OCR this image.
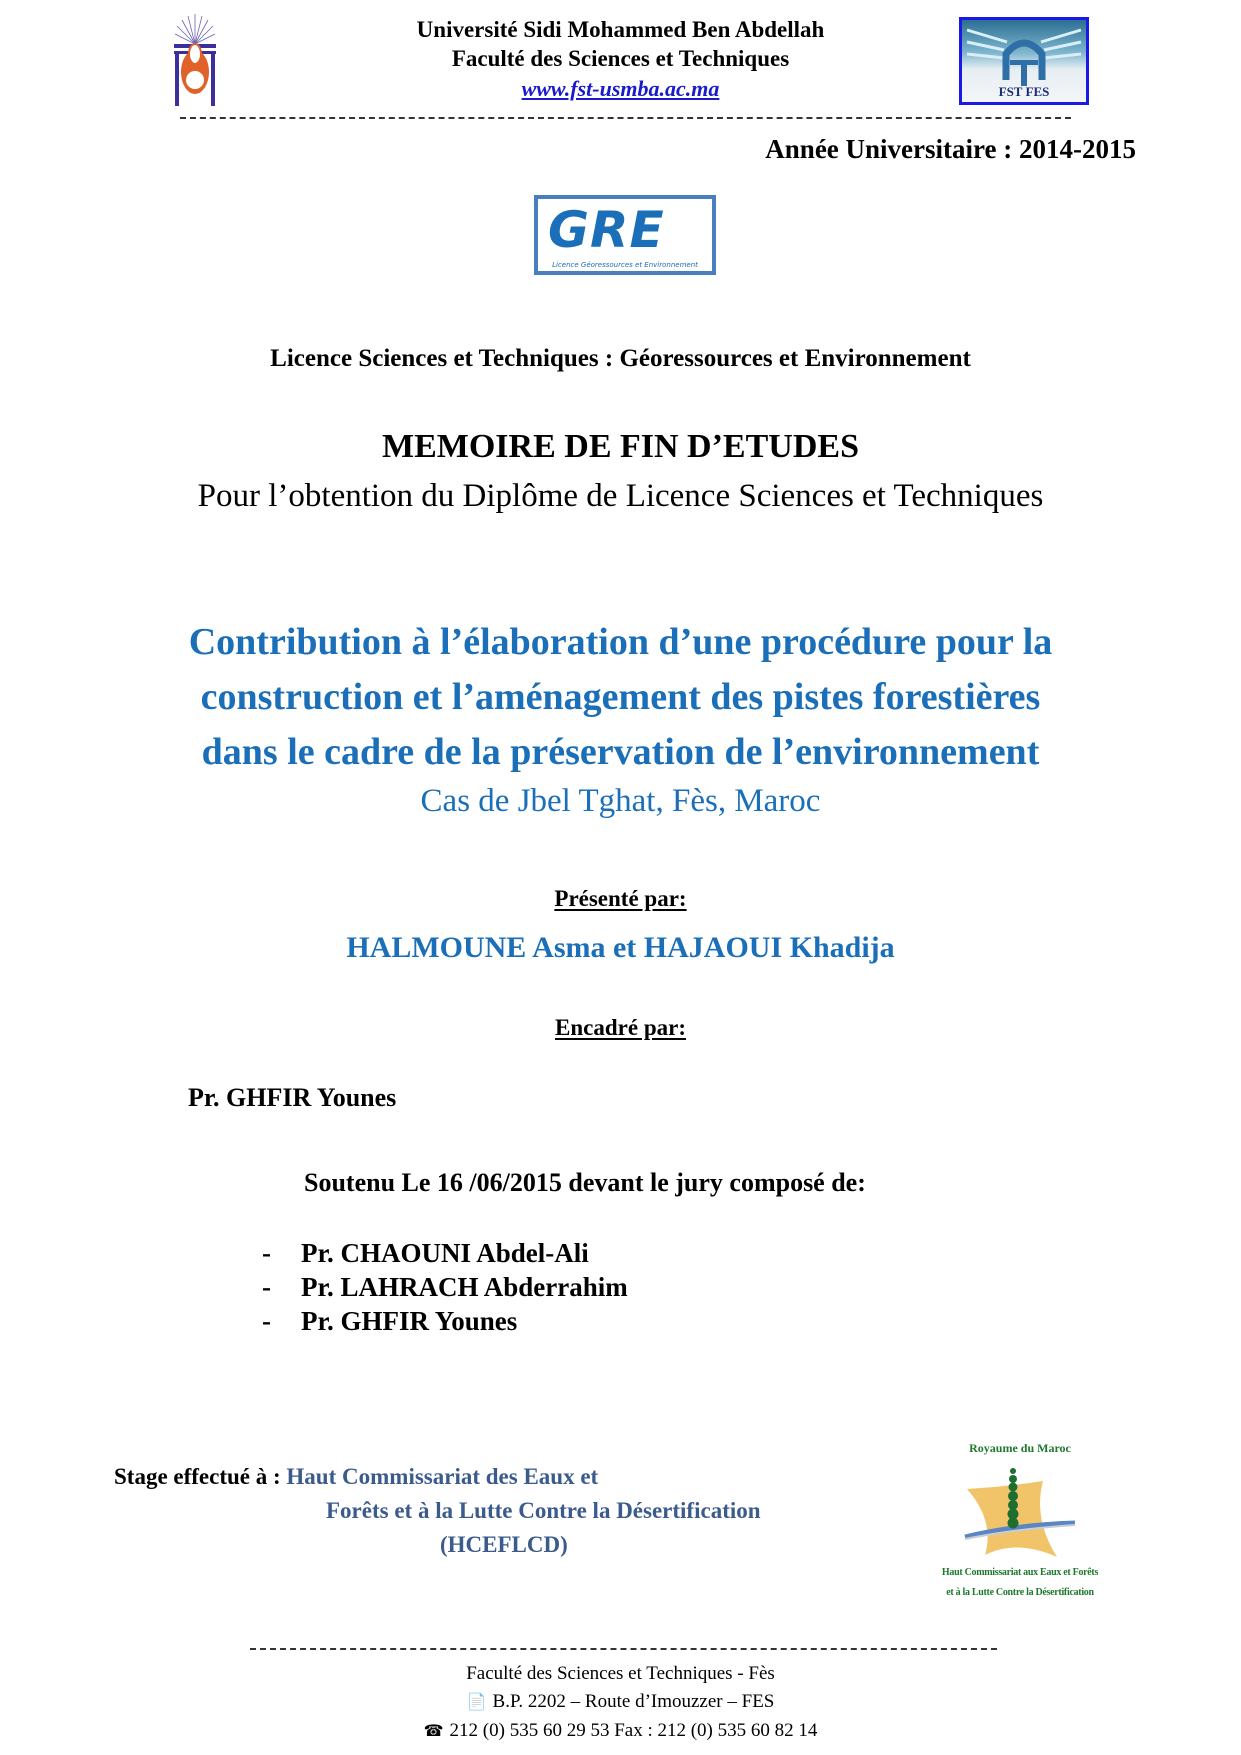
Université Sidi Mohammed Ben Abdellah
Faculté des Sciences et Techniques
www.fst-usmba.ac.ma	FST FES
Année Universitaire : 2014-2015
GRE
Licence Géoressources et Environnement
Licence Sciences et Techniques : Géoressources et Environnement
MEMOIRE DE FIN D’ETUDES
Pour l’obtention du Diplôme de Licence Sciences et Techniques
Contribution à l’élaboration d’une procédure pour la
construction et l’aménagement des pistes forestières
dans le cadre de la préservation de l’environnement
Cas de Jbel Tghat, Fès, Maroc
Présenté par:
HALMOUNE Asma et HAJAOUI Khadija
Encadré par:
Pr. GHFIR Younes
Soutenu Le 16 /06/2015 devant le jury composé de:
-	Pr. CHAOUNI Abdel-Ali
-	Pr. LAHRACH Abderrahim
-	Pr. GHFIR Younes
Stage effectué à : Haut Commissariat des Eaux et
Forêts et à la Lutte Contre la Désertification
(HCEFLCD)
Royaume du Maroc
Haut Commissariat aux Eaux et Forêts
et à la Lutte Contre la Désertification
Faculté des Sciences et Techniques - Fès
📄 B.P. 2202 – Route d’Imouzzer – FES
☎ 212 (0) 535 60 29 53 Fax : 212 (0) 535 60 82 14
